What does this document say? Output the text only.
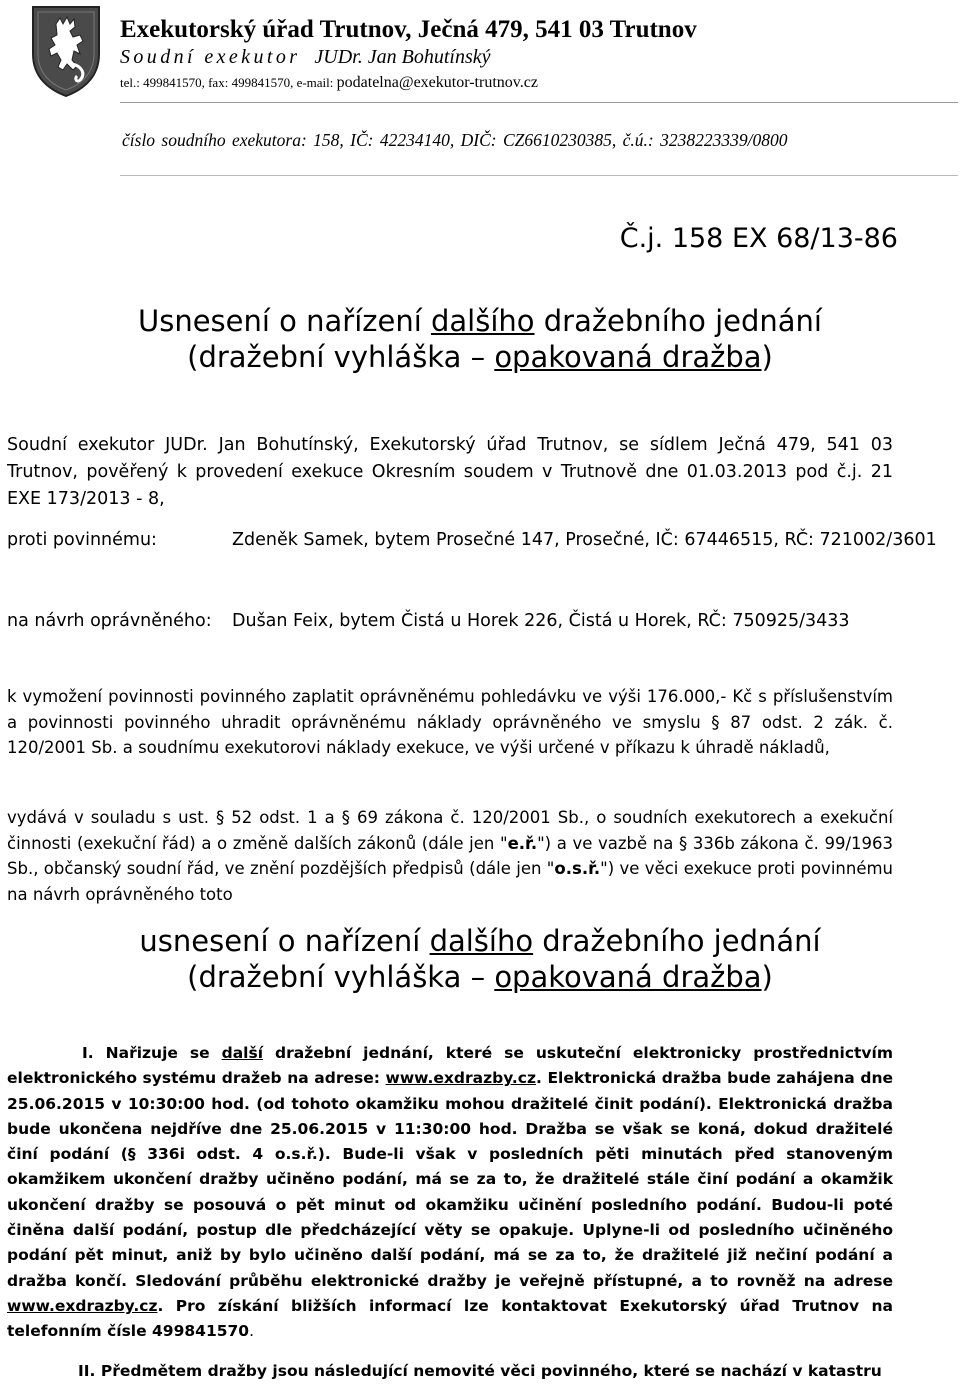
Exekutorský úřad Trutnov, Ječná 479, 541 03 Trutnov
Soudní exekutor JUDr. Jan Bohutínský
tel.: 499841570, fax: 499841570, e-mail: podatelna@exekutor-trutnov.cz
číslo soudního exekutora: 158, IČ: 42234140, DIČ: CZ6610230385, č.ú.: 3238223339/0800
Č.j. 158 EX 68/13-86
Usnesení o nařízení dalšího dražebního jednání
(dražební vyhláška – opakovaná dražba)
Soudní exekutor JUDr. Jan Bohutínský, Exekutorský úřad Trutnov, se sídlem Ječná 479, 541 03 Trutnov, pověřený k provedení exekuce Okresním soudem v Trutnově dne 01.03.2013 pod č.j. 21 EXE 173/2013 - 8,
proti povinnému:	Zdeněk Samek, bytem Prosečné 147, Prosečné, IČ: 67446515, RČ: 721002/3601
na návrh oprávněného: Dušan Feix, bytem Čistá u Horek 226, Čistá u Horek, RČ: 750925/3433
k vymožení povinnosti povinného zaplatit oprávněnému pohledávku ve výši 176.000,- Kč s příslušenstvím a povinnosti povinného uhradit oprávněnému náklady oprávněného ve smyslu § 87 odst. 2 zák. č. 120/2001 Sb. a soudnímu exekutorovi náklady exekuce, ve výši určené v příkazu k úhradě nákladů,
vydává v souladu s ust. § 52 odst. 1 a § 69 zákona č. 120/2001 Sb., o soudních exekutorech a exekuční činnosti (exekuční řád) a o změně dalších zákonů (dále jen "e.ř.") a ve vazbě na § 336b zákona č. 99/1963 Sb., občanský soudní řád, ve znění pozdějších předpisů (dále jen "o.s.ř.") ve věci exekuce proti povinnému na návrh oprávněného toto
usnesení o nařízení dalšího dražebního jednání
(dražební vyhláška – opakovaná dražba)
I. Nařizuje se další dražební jednání, které se uskuteční elektronicky prostřednictvím elektronického systému dražeb na adrese: www.exdrazby.cz. Elektronická dražba bude zahájena dne 25.06.2015 v 10:30:00 hod. (od tohoto okamžiku mohou dražitelé činit podání). Elektronická dražba bude ukončena nejdříve dne 25.06.2015 v 11:30:00 hod. Dražba se však se koná, dokud dražitelé činí podání (§ 336i odst. 4 o.s.ř.). Bude-li však v posledních pěti minutách před stanoveným okamžikem ukončení dražby učiněno podání, má se za to, že dražitelé stále činí podání a okamžik ukončení dražby se posouvá o pět minut od okamžiku učinění posledního podání. Budou-li poté činěna další podání, postup dle předcházející věty se opakuje. Uplyne-li od posledního učiněného podání pět minut, aniž by bylo učiněno další podání, má se za to, že dražitelé již nečiní podání a dražba končí. Sledování průběhu elektronické dražby je veřejně přístupné, a to rovněž na adrese www.exdrazby.cz. Pro získání bližších informací lze kontaktovat Exekutorský úřad Trutnov na telefonním čísle 499841570.
II. Předmětem dražby jsou následující nemovité věci povinného, které se nachází v katastru
